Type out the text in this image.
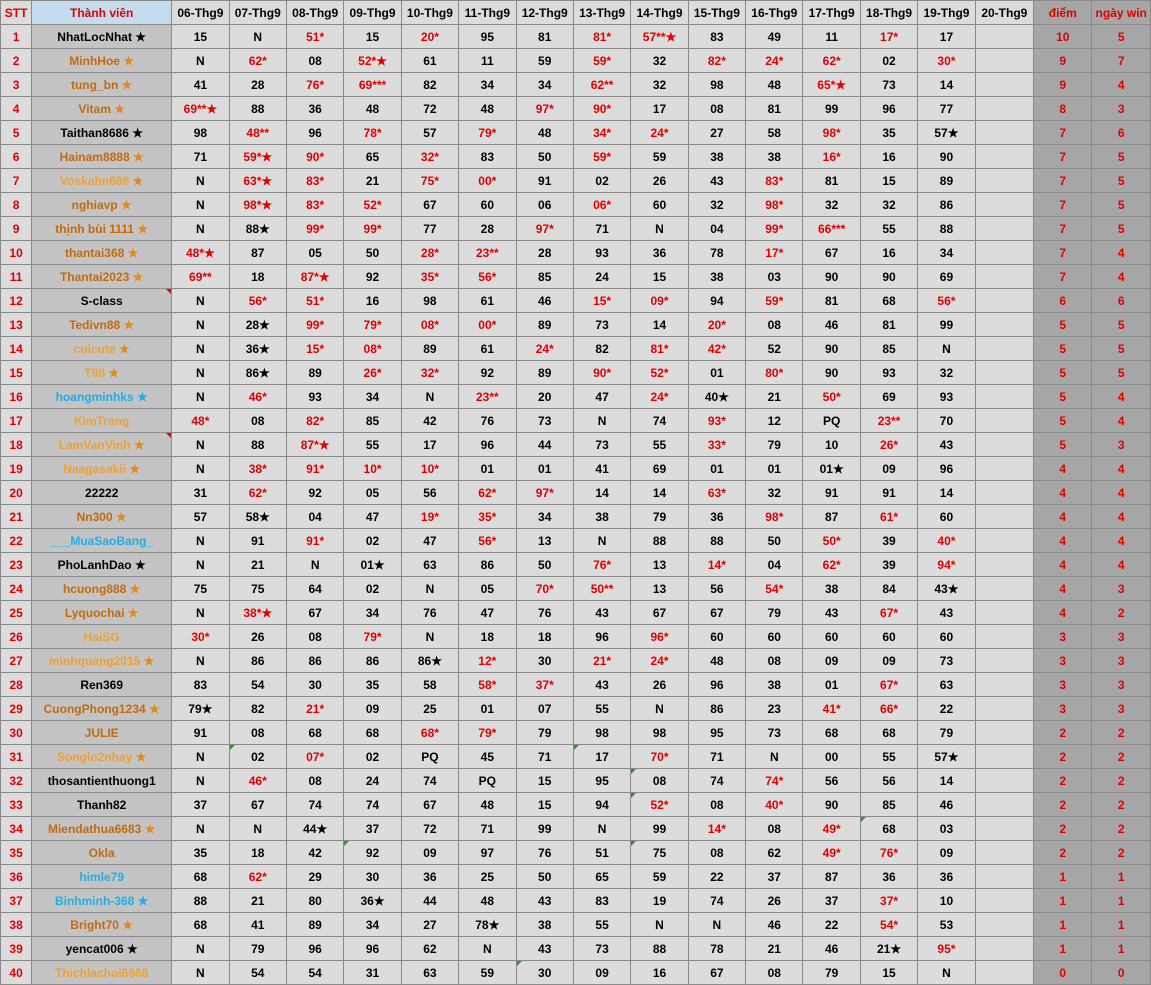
STT	Thành viên	06-Thg9	07-Thg9	08-Thg9	09-Thg9	10-Thg9	11-Thg9	12-Thg9	13-Thg9	14-Thg9	15-Thg9	16-Thg9	17-Thg9	18-Thg9	19-Thg9	20-Thg9	điểm	ngày win
1	NhatLocNhat ★	15	N	51*	15	20*	95	81	81*	57**★	83	49	11	17*	17		10	5
2	MinhHoe ★	N	62*	08	52*★	61	11	59	59*	32	82*	24*	62*	02	30*		9	7
3	tung_bn ★	41	28	76*	69***	82	34	34	62**	32	98	48	65*★	73	14		9	4
4	Vitam ★	69**★	88	36	48	72	48	97*	90*	17	08	81	99	96	77		8	3
5	Taithan8686 ★	98	48**	96	78*	57	79*	48	34*	24*	27	58	98*	35	57★		7	6
6	Hainam8888 ★	71	59*★	90*	65	32*	83	50	59*	59	38	38	16*	16	90		7	5
7	Voskahn688 ★	N	63*★	83*	21	75*	00*	91	02	26	43	83*	81	15	89		7	5
8	nghiavp ★	N	98*★	83*	52*	67	60	06	06*	60	32	98*	32	32	86		7	5
9	thịnh bùi 1111 ★	N	88★	99*	99*	77	28	97*	71	N	04	99*	66***	55	88		7	5
10	thantai368 ★	48*★	87	05	50	28*	23**	28	93	36	78	17*	67	16	34		7	4
11	Thantai2023 ★	69**	18	87*★	92	35*	56*	85	24	15	38	03	90	90	69		7	4
12	S-class	N	56*	51*	16	98	61	46	15*	09*	94	59*	81	68	56*		6	6
13	Tedivn88 ★	N	28★	99*	79*	08*	00*	89	73	14	20*	08	46	81	99		5	5
14	cuicute ★	N	36★	15*	08*	89	61	24*	82	81*	42*	52	90	85	N		5	5
15	T98 ★	N	86★	89	26*	32*	92	89	90*	52*	01	80*	90	93	32		5	5
16	hoangminhks ★	N	46*	93	34	N	23**	20	47	24*	40★	21	50*	69	93		5	4
17	KimTrang	48*	08	82*	85	42	76	73	N	74	93*	12	PQ	23**	70		5	4
18	LamVanVinh ★	N	88	87*★	55	17	96	44	73	55	33*	79	10	26*	43		5	3
19	Naagasakii ★	N	38*	91*	10*	10*	01	01	41	69	01	01	01★	09	96		4	4
20	22222	31	62*	92	05	56	62*	97*	14	14	63*	32	91	91	14		4	4
21	Nn300 ★	57	58★	04	47	19*	35*	34	38	79	36	98*	87	61*	60		4	4
22	___MuaSaoBang_	N	91	91*	02	47	56*	13	N	88	88	50	50*	39	40*		4	4
23	PhoLanhDao ★	N	21	N	01★	63	86	50	76*	13	14*	04	62*	39	94*		4	4
24	hcuong888 ★	75	75	64	02	N	05	70*	50**	13	56	54*	38	84	43★		4	3
25	Lyquochai ★	N	38*★	67	34	76	47	76	43	67	67	79	43	67*	43		4	2
26	HaiSG	30*	26	08	79*	N	18	18	96	96*	60	60	60	60	60		3	3
27	minhquang2015 ★	N	86	86	86	86★	12*	30	21*	24*	48	08	09	09	73		3	3
28	Ren369	83	54	30	35	58	58*	37*	43	26	96	38	01	67*	63		3	3
29	CuongPhong1234 ★	79★	82	21*	09	25	01	07	55	N	86	23	41*	66*	22		3	3
30	JULIE	91	08	68	68	68*	79*	79	98	98	95	73	68	68	79		2	2
31	Songlo2nhay ★	N	02	07*	02	PQ	45	71	17	70*	71	N	00	55	57★		2	2
32	thosantienthuong1	N	46*	08	24	74	PQ	15	95	08	74	74*	56	56	14		2	2
33	Thanh82	37	67	74	74	67	48	15	94	52*	08	40*	90	85	46		2	2
34	Miendathua6683 ★	N	N	44★	37	72	71	99	N	99	14*	08	49*	68	03		2	2
35	Okla	35	18	42	92	09	97	76	51	75	08	62	49*	76*	09		2	2
36	himle79	68	62*	29	30	36	25	50	65	59	22	37	87	36	36		1	1
37	Binhminh-368 ★	88	21	80	36★	44	48	43	83	19	74	26	37	37*	10		1	1
38	Bright70 ★	68	41	89	34	27	78★	38	55	N	N	46	22	54*	53		1	1
39	yencat006 ★	N	79	96	96	62	N	43	73	88	78	21	46	21★	95*		1	1
40	Thichlachoi6868	N	54	54	31	63	59	30	09	16	67	08	79	15	N		0	0
